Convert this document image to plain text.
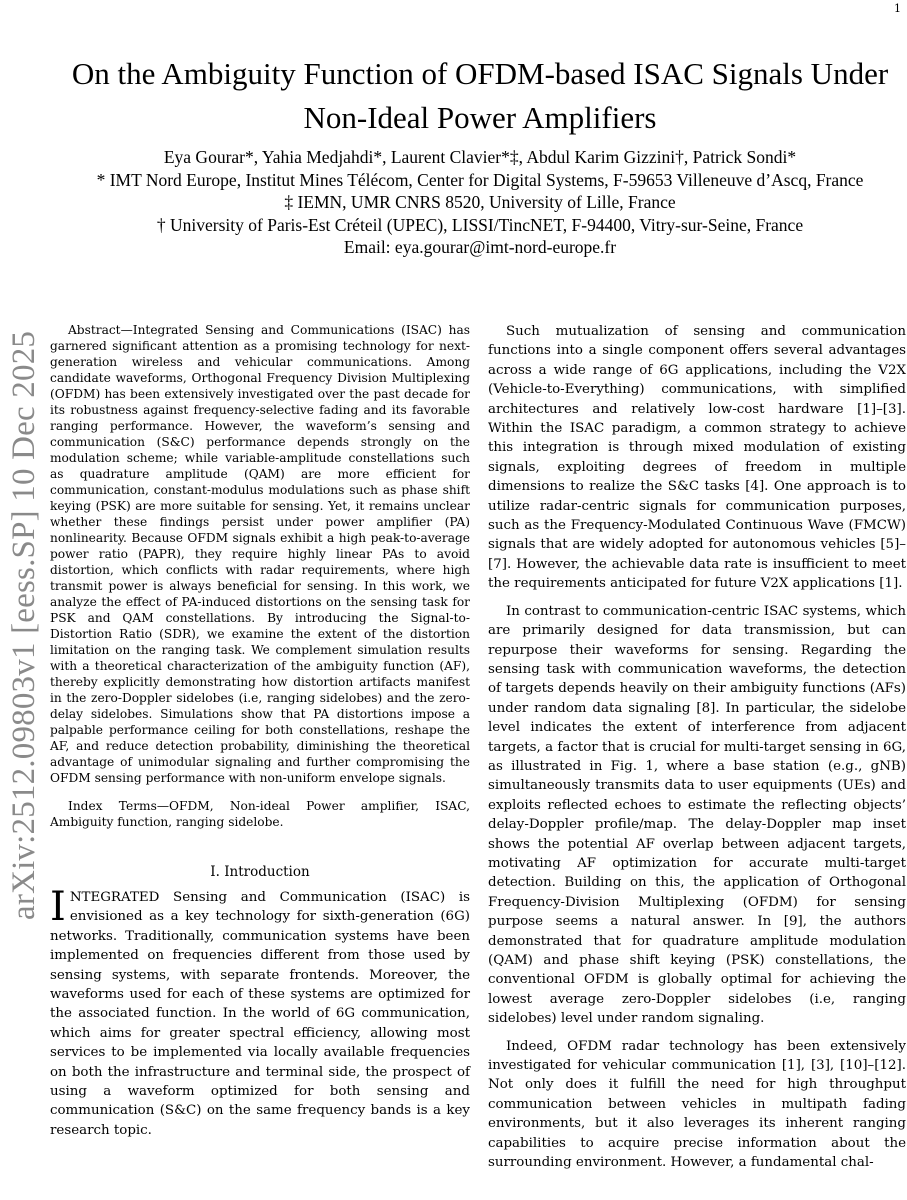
1
arXiv:2512.09803v1 [eess.SP] 10 Dec 2025
On the Ambiguity Function of OFDM-based ISAC Signals Under Non-Ideal Power Amplifiers
Eya Gourar*, Yahia Medjahdi*, Laurent Clavier*‡, Abdul Karim Gizzini†, Patrick Sondi*
* IMT Nord Europe, Institut Mines Télécom, Center for Digital Systems, F-59653 Villeneuve d’Ascq, France
‡ IEMN, UMR CNRS 8520, University of Lille, France
† University of Paris-Est Créteil (UPEC), LISSI/TincNET, F-94400, Vitry-sur-Seine, France
Email: eya.gourar@imt-nord-europe.fr

Abstract—Integrated Sensing and Communications (ISAC) has garnered significant attention as a promising technology for next-generation wireless and vehicular communications. Among candidate waveforms, Orthogonal Frequency Division Multiplexing (OFDM) has been extensively investigated over the past decade for its robustness against frequency-selective fading and its favorable ranging performance. However, the waveform’s sensing and communication (S&C) performance depends strongly on the modulation scheme; while variable-amplitude constellations such as quadrature amplitude (QAM) are more efficient for communication, constant-modulus modulations such as phase shift keying (PSK) are more suitable for sensing. Yet, it remains unclear whether these findings persist under power amplifier (PA) nonlinearity. Because OFDM signals exhibit a high peak-to-average power ratio (PAPR), they require highly linear PAs to avoid distortion, which conflicts with radar requirements, where high transmit power is always beneficial for sensing. In this work, we analyze the effect of PA-induced distortions on the sensing task for PSK and QAM constellations. By introducing the Signal-to-Distortion Ratio (SDR), we examine the extent of the distortion limitation on the ranging task. We complement simulation results with a theoretical characterization of the ambiguity function (AF), thereby explicitly demonstrating how distortion artifacts manifest in the zero-Doppler sidelobes (i.e, ranging sidelobes) and the zero-delay sidelobes. Simulations show that PA distortions impose a palpable performance ceiling for both constellations, reshape the AF, and reduce detection probability, diminishing the theoretical advantage of unimodular signaling and further compromising the OFDM sensing performance with non-uniform envelope signals.

Index Terms—OFDM, Non-ideal Power amplifier, ISAC, Ambiguity function, ranging sidelobe.

I. Introduction

INTEGRATED Sensing and Communication (ISAC) is envisioned as a key technology for sixth-generation (6G) networks. Traditionally, communication systems have been implemented on frequencies different from those used by sensing systems, with separate frontends. Moreover, the waveforms used for each of these systems are optimized for the associated function. In the world of 6G communication, which aims for greater spectral efficiency, allowing most services to be implemented via locally available frequencies on both the infrastructure and terminal side, the prospect of using a waveform optimized for both sensing and communication (S&C) on the same frequency bands is a key research topic.

Such mutualization of sensing and communication functions into a single component offers several advantages across a wide range of 6G applications, including the V2X (Vehicle-to-Everything) communications, with simplified architectures and relatively low-cost hardware [1]–[3]. Within the ISAC paradigm, a common strategy to achieve this integration is through mixed modulation of existing signals, exploiting degrees of freedom in multiple dimensions to realize the S&C tasks [4]. One approach is to utilize radar-centric signals for communication purposes, such as the Frequency-Modulated Continuous Wave (FMCW) signals that are widely adopted for autonomous vehicles [5]–[7]. However, the achievable data rate is insufficient to meet the requirements anticipated for future V2X applications [1].

In contrast to communication-centric ISAC systems, which are primarily designed for data transmission, but can repurpose their waveforms for sensing. Regarding the sensing task with communication waveforms, the detection of targets depends heavily on their ambiguity functions (AFs) under random data signaling [8]. In particular, the sidelobe level indicates the extent of interference from adjacent targets, a factor that is crucial for multi-target sensing in 6G, as illustrated in Fig. 1, where a base station (e.g., gNB) simultaneously transmits data to user equipments (UEs) and exploits reflected echoes to estimate the reflecting objects’ delay-Doppler profile/map. The delay-Doppler map inset shows the potential AF overlap between adjacent targets, motivating AF optimization for accurate multi-target detection. Building on this, the application of Orthogonal Frequency-Division Multiplexing (OFDM) for sensing purpose seems a natural answer. In [9], the authors demonstrated that for quadrature amplitude modulation (QAM) and phase shift keying (PSK) constellations, the conventional OFDM is globally optimal for achieving the lowest average zero-Doppler sidelobes (i.e, ranging sidelobes) level under random signaling.

Indeed, OFDM radar technology has been extensively investigated for vehicular communication [1], [3], [10]–[12]. Not only does it fulfill the need for high throughput communication between vehicles in multipath fading environments, but it also leverages its inherent ranging capabilities to acquire precise information about the surrounding environment. However, a fundamental chal-
